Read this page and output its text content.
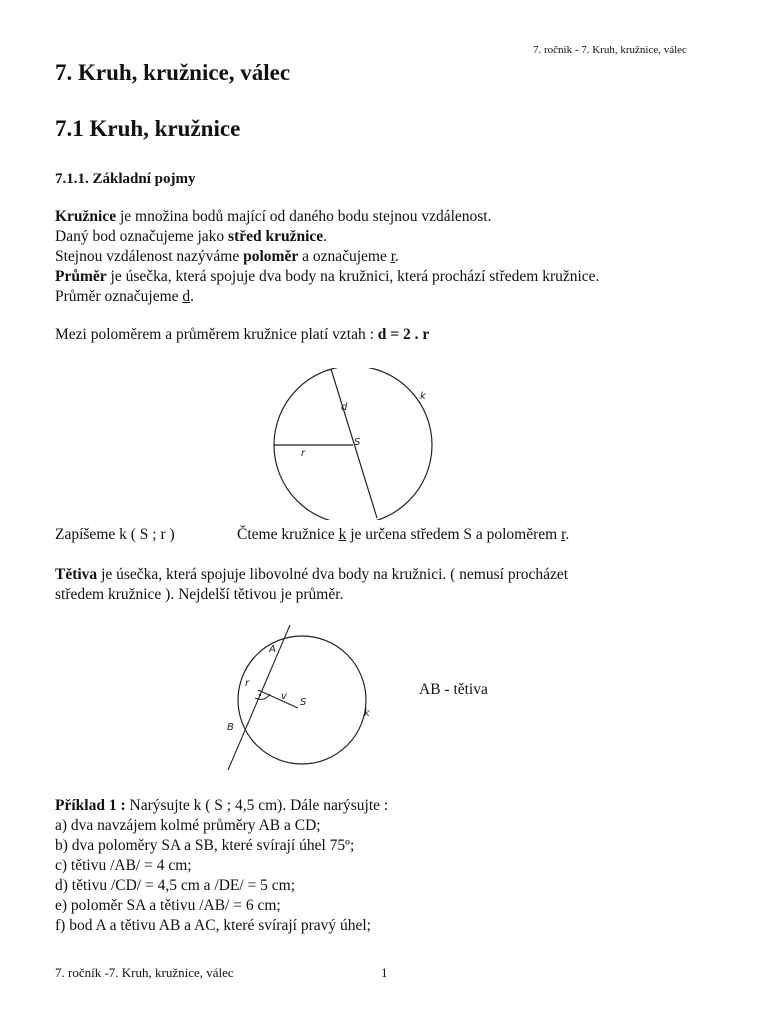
7. ročník - 7. Kruh, kružnice, válec
7. Kruh, kružnice, válec
7.1 Kruh, kružnice
7.1.1. Základní pojmy
Kružnice je množina bodů mající od daného bodu stejnou vzdálenost.
Daný bod označujeme jako střed kružnice.
Stejnou vzdálenost nazýváme poloměr a označujeme r.
Průměr je úsečka, která spojuje dva body na kružnici, která prochází středem kružnice.
Průměr označujeme d.
Mezi poloměrem a průměrem kružnice platí vztah : d = 2 . r
k
d
S
r
Zapíšeme k ( S ; r )	Čteme kružnice k je určena středem S a poloměrem r.
Tětiva je úsečka, která spojuje libovolné dva body na kružnici. ( nemusí procházet
středem kružnice ). Nejdelší tětivou je průměr.
A
B
r
v
S
k
AB - tětiva
Příklad 1 : Narýsujte k ( S ; 4,5 cm). Dále narýsujte :
a) dva navzájem kolmé průměry AB a CD;
b) dva poloměry SA a SB, které svírají úhel 75º;
c) tětivu /AB/ = 4 cm;
d) tětivu /CD/ = 4,5 cm a /DE/ = 5 cm;
e) poloměr SA a tětivu /AB/ = 6 cm;
f) bod A a tětivu AB a AC, které svírají pravý úhel;
7. ročník -7. Kruh, kružnice, válec	1
